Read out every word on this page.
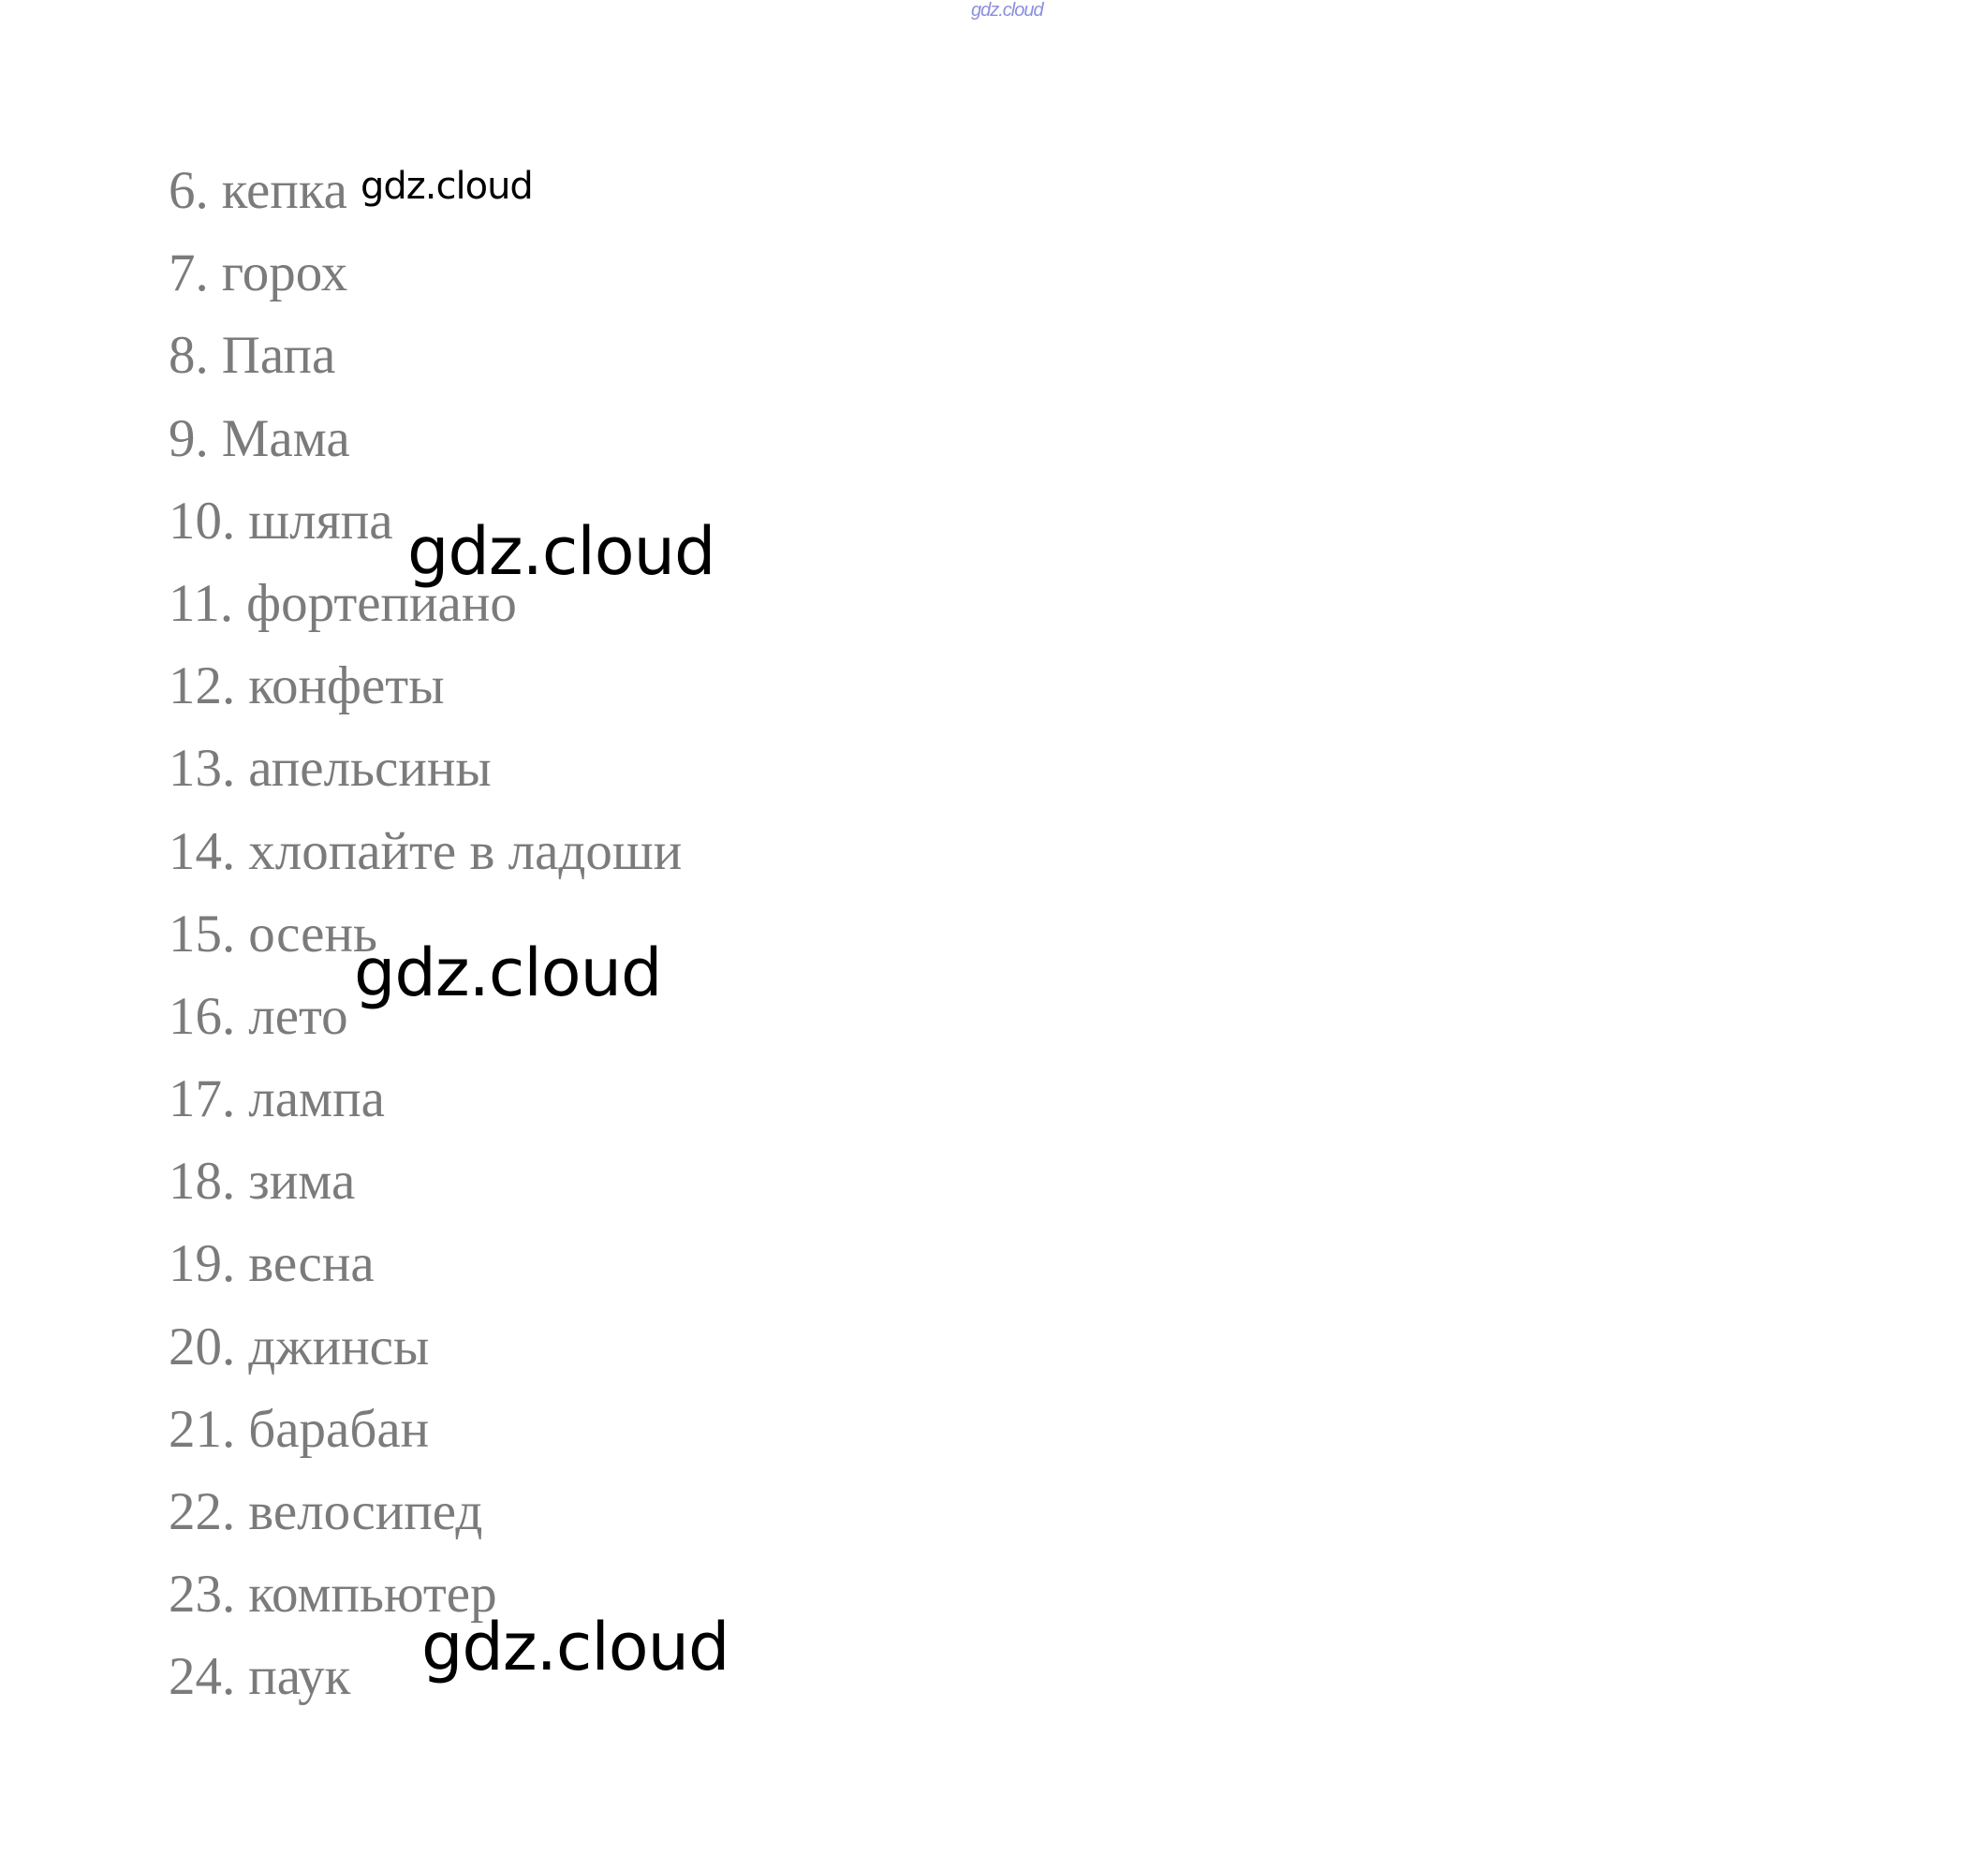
gdz.cloud
6. кепка
7. горох
8. Папа
9. Мама
10. шляпа
11. фортепиано
12. конфеты
13. апельсины
14. хлопайте в ладоши
15. осень
16. лето
17. лампа
18. зима
19. весна
20. джинсы
21. барабан
22. велосипед
23. компьютер
24. паук
gdz.cloud
gdz.cloud
gdz.cloud
gdz.cloud
